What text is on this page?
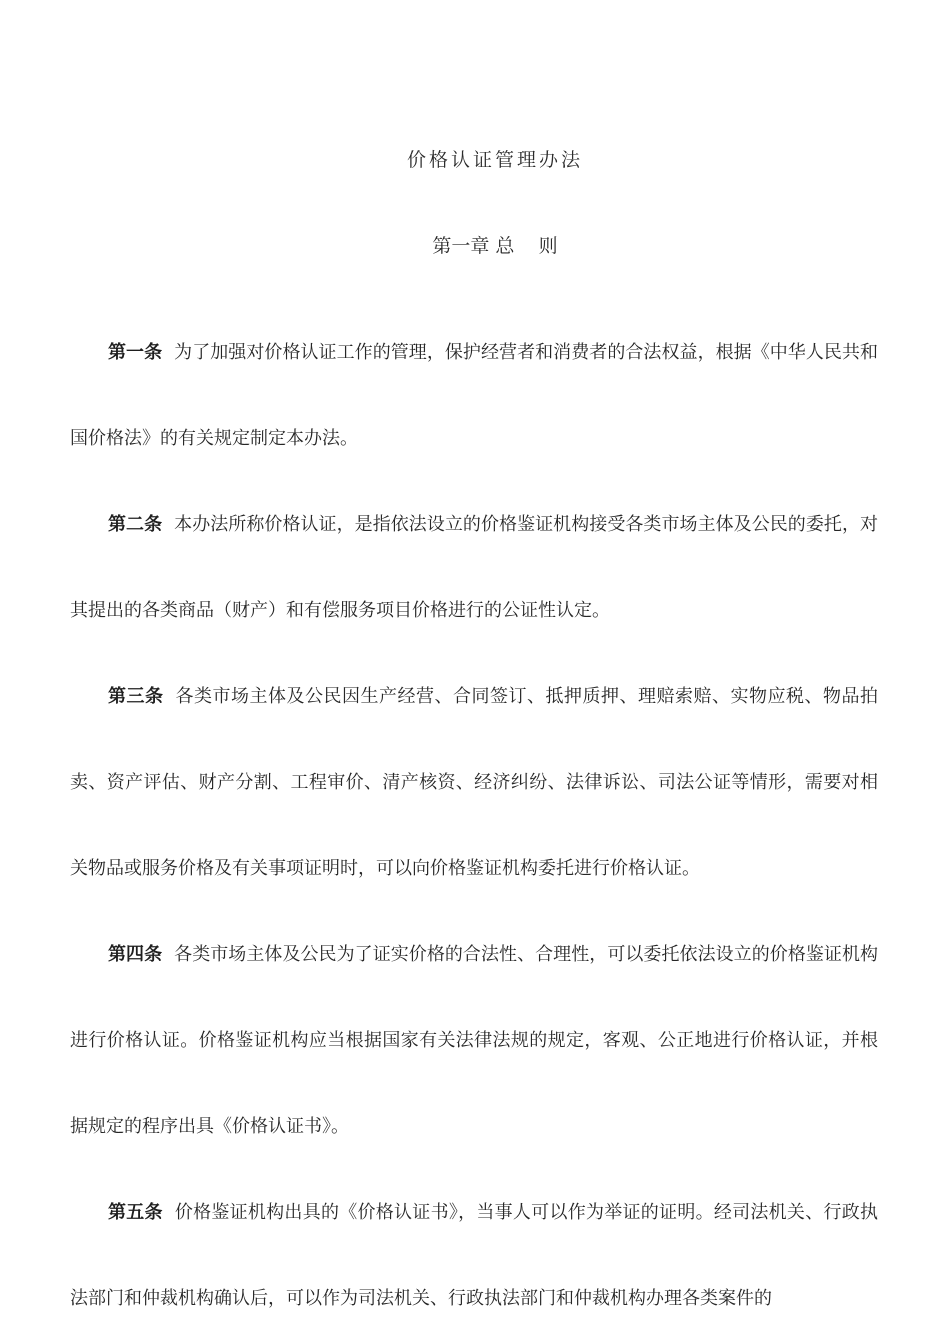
价格认证管理办法
第一章 总    则

第一条 为了加强对价格认证工作的管理，保护经营者和消费者的合法权益，根据《中华人民共和国价格法》的有关规定制定本办法。

第二条 本办法所称价格认证，是指依法设立的价格鉴证机构接受各类市场主体及公民的委托，对其提出的各类商品（财产）和有偿服务项目价格进行的公证性认定。

第三条 各类市场主体及公民因生产经营、合同签订、抵押质押、理赔索赔、实物应税、物品拍卖、资产评估、财产分割、工程审价、清产核资、经济纠纷、法律诉讼、司法公证等情形，需要对相关物品或服务价格及有关事项证明时，可以向价格鉴证机构委托进行价格认证。

第四条 各类市场主体及公民为了证实价格的合法性、合理性，可以委托依法设立的价格鉴证机构进行价格认证。价格鉴证机构应当根据国家有关法律法规的规定，客观、公正地进行价格认证，并根据规定的程序出具《价格认证书》。

第五条 价格鉴证机构出具的《价格认证书》，当事人可以作为举证的证明。经司法机关、行政执法部门和仲裁机构确认后，可以作为司法机关、行政执法部门和仲裁机构办理各类案件的
